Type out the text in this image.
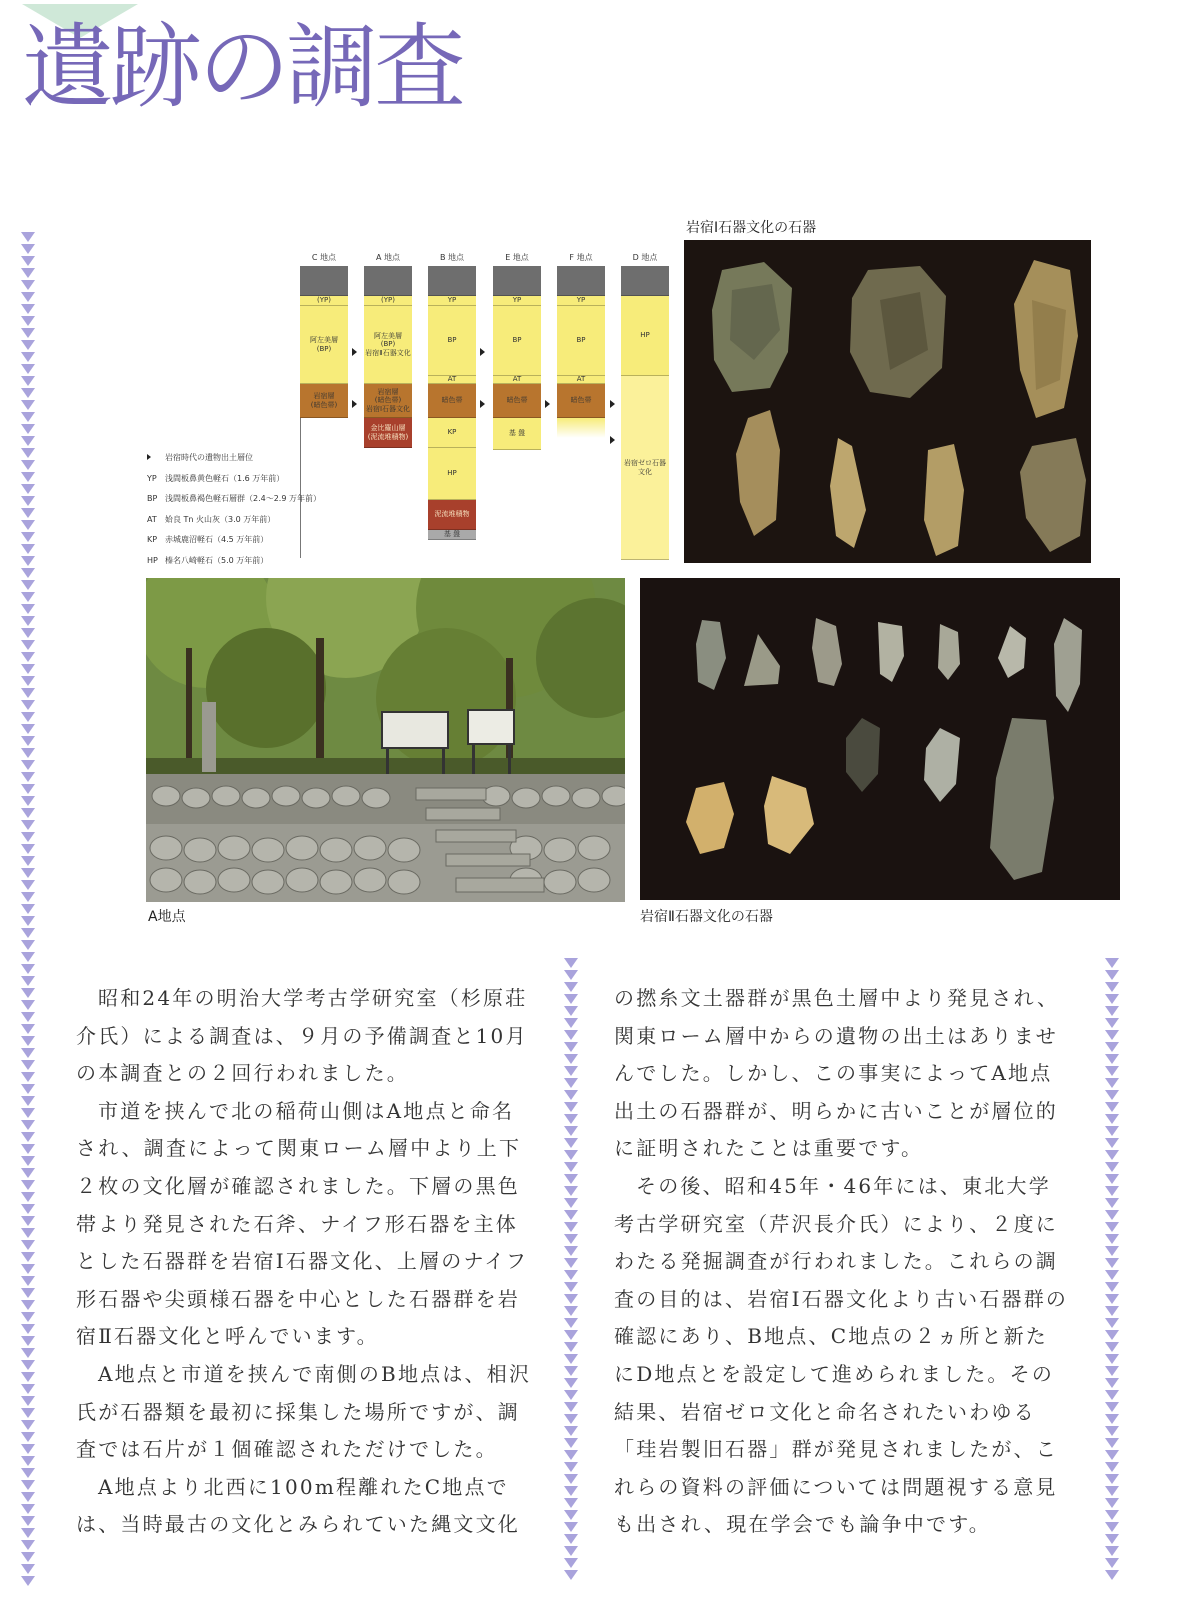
遺跡の調査
C 地点
(YP)
阿左美層
(BP)
岩宿層
(暗色帯)
A 地点
(YP)
阿左美層
(BP)
岩宿Ⅱ石器文化
岩宿層
(暗色帯)
岩宿Ⅰ石器文化
金比羅山層
(泥流堆積物)
B 地点
YP
BP
AT
暗色帯
KP
HP
泥流堆積物
基 盤
E 地点
YP
BP
AT
暗色帯
基 盤
F 地点
YP
BP
AT
暗色帯
D 地点
HP
岩宿ゼロ石器文化
岩宿時代の遺物出土層位
YP 浅間板鼻黄色軽石（1.6 万年前）
BP 浅間板鼻褐色軽石層群（2.4〜2.9 万年前）
AT 姶良 Tn 火山灰（3.0 万年前）
KP 赤城鹿沼軽石（4.5 万年前）
HP 榛名八崎軽石（5.0 万年前）
岩宿Ⅰ石器文化の石器
A地点	岩宿Ⅱ石器文化の石器

昭和24年の明治大学考古学研究室（杉原荘介氏）による調査は、９月の予備調査と10月の本調査との２回行われました。

市道を挟んで北の稲荷山側はA地点と命名され、調査によって関東ローム層中より上下２枚の文化層が確認されました。下層の黒色帯より発見された石斧、ナイフ形石器を主体とした石器群を岩宿Ⅰ石器文化、上層のナイフ形石器や尖頭様石器を中心とした石器群を岩宿Ⅱ石器文化と呼んでいます。

A地点と市道を挟んで南側のB地点は、相沢氏が石器類を最初に採集した場所ですが、調査では石片が１個確認されただけでした。

A地点より北西に100m程離れたC地点では、当時最古の文化とみられていた縄文文化

の撚糸文土器群が黒色土層中より発見され、関東ローム層中からの遺物の出土はありませんでした。しかし、この事実によってA地点出土の石器群が、明らかに古いことが層位的に証明されたことは重要です。

その後、昭和45年・46年には、東北大学考古学研究室（芹沢長介氏）により、２度にわたる発掘調査が行われました。これらの調査の目的は、岩宿Ⅰ石器文化より古い石器群の確認にあり、B地点、C地点の２ヵ所と新たにD地点とを設定して進められました。その結果、岩宿ゼロ文化と命名されたいわゆる「珪岩製旧石器」群が発見されましたが、これらの資料の評価については問題視する意見も出され、現在学会でも論争中です。
